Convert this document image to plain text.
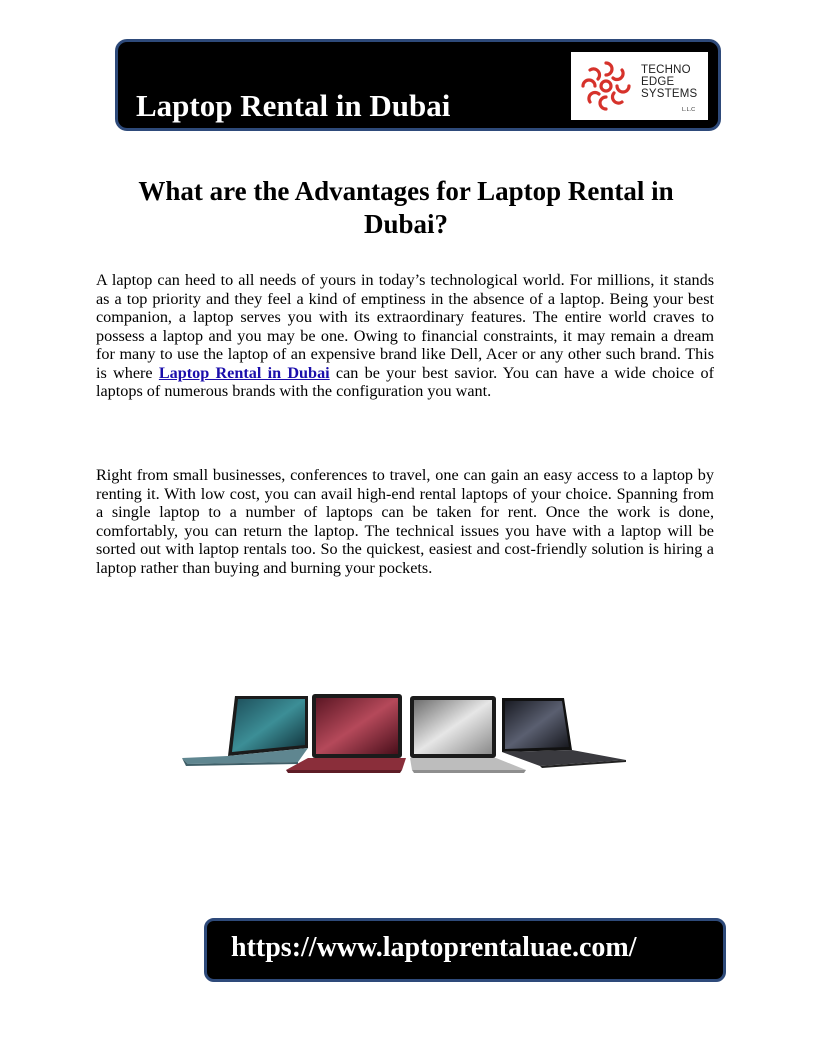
Laptop Rental in Dubai
TECHNO
EDGE
SYSTEMS
L.L.C
What are the Advantages for Laptop Rental in Dubai?

A laptop can heed to all needs of yours in today’s technological world. For millions, it stands as a top priority and they feel a kind of emptiness in the absence of a laptop. Being your best companion, a laptop serves you with its extraordinary features. The entire world craves to possess a laptop and you may be one. Owing to financial constraints, it may remain a dream for many to use the laptop of an expensive brand like Dell, Acer or any other such brand. This is where Laptop Rental in Dubai can be your best savior. You can have a wide choice of laptops of numerous brands with the configuration you want.

Right from small businesses, conferences to travel, one can gain an easy access to a laptop by renting it. With low cost, you can avail high-end rental laptops of your choice. Spanning from a single laptop to a number of laptops can be taken for rent. Once the work is done, comfortably, you can return the laptop. The technical issues you have with a laptop will be sorted out with laptop rentals too. So the quickest, easiest and cost-friendly solution is hiring a laptop rather than buying and burning your pockets.

https://www.laptoprentaluae.com/
